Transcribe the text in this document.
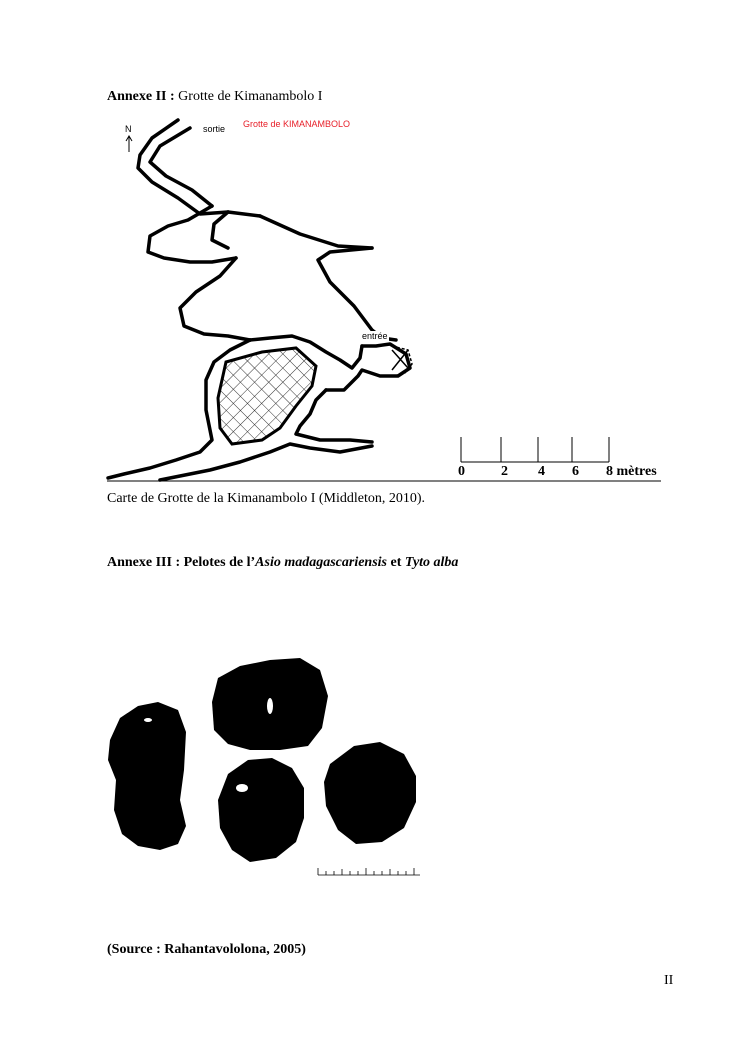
Annexe II : Grotte de Kimanambolo I
N	sortie Grotte de KIMANAMBOLO
entrée
0	2 4 6 8 mètres
Carte de Grotte de la Kimanambolo I (Middleton, 2010).
Annexe III : Pelotes de l’Asio madagascariensis et Tyto alba
(Source : Rahantavololona, 2005)
II
